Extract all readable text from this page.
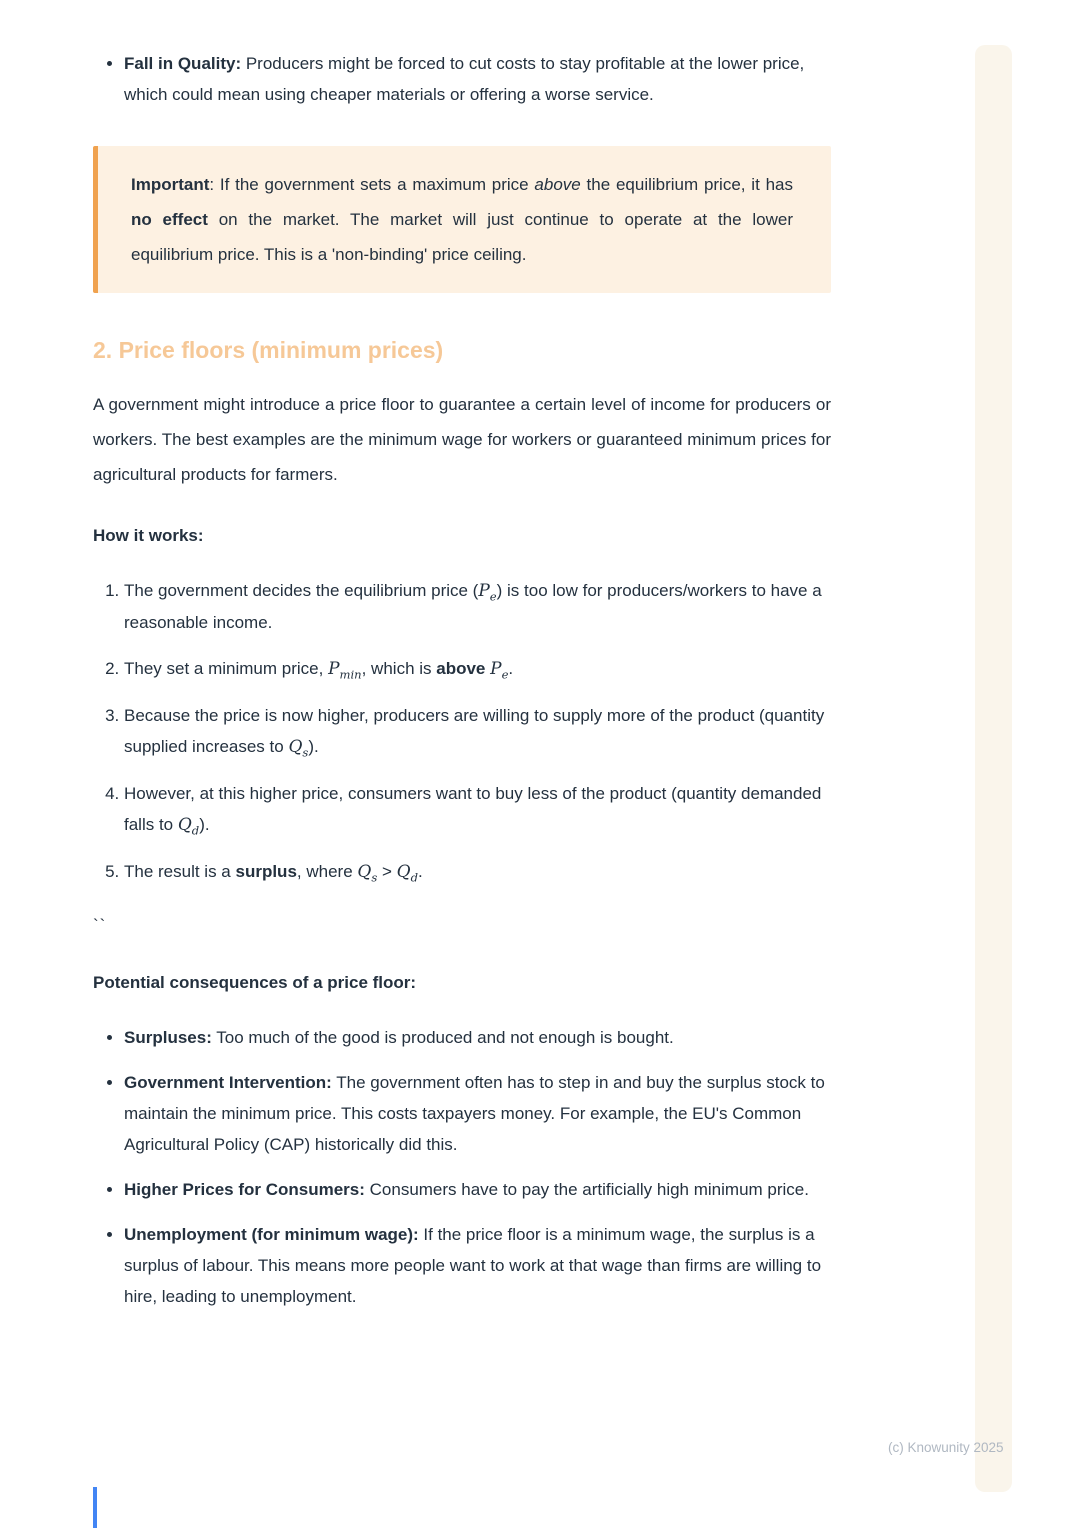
• Fall in Quality: Producers might be forced to cut costs to stay profitable at the lower price, which could mean using cheaper materials or offering a worse service.

Important: If the government sets a maximum price above the equilibrium price, it has no effect on the market. The market will just continue to operate at the lower equilibrium price. This is a 'non-binding' price ceiling.

2. Price floors (minimum prices)

A government might introduce a price floor to guarantee a certain level of income for producers or workers. The best examples are the minimum wage for workers or guaranteed minimum prices for agricultural products for farmers.

How it works:

1. The government decides the equilibrium price $(P_e)$ is too low for producers/workers to have a reasonable income.
2. They set a minimum price, $P_{min}$, which is above $P_e$.
3. Because the price is now higher, producers are willing to supply more of the product (quantity supplied increases to $Q_s$).
4. However, at this higher price, consumers want to buy less of the product (quantity demanded falls to $Q_d$).
5. The result is a surplus, where $Q_s > Q_d$.

``

Potential consequences of a price floor:

• Surpluses: Too much of the good is produced and not enough is bought.
• Government Intervention: The government often has to step in and buy the surplus stock to maintain the minimum price. This costs taxpayers money. For example, the EU's Common Agricultural Policy (CAP) historically did this.
• Higher Prices for Consumers: Consumers have to pay the artificially high minimum price.
• Unemployment (for minimum wage): If the price floor is a minimum wage, the surplus is a surplus of labour. This means more people want to work at that wage than firms are willing to hire, leading to unemployment.
(c) Knowunity 2025
